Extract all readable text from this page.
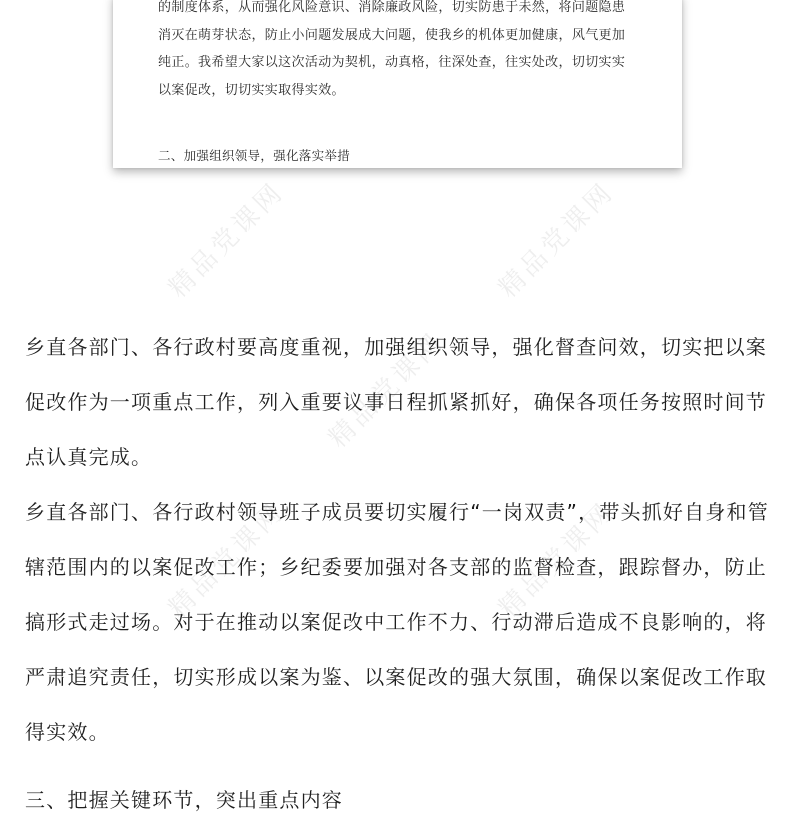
的制度体系，从而强化风险意识、消除廉政风险，切实防患于未然，将问题隐患
消灭在萌芽状态，防止小问题发展成大问题，使我乡的机体更加健康，风气更加
纯正。我希望大家以这次活动为契机，动真格，往深处查，往实处改，切切实实
以案促改，切切实实取得实效。
二、加强组织领导，强化落实举措
精品党课网	精品党课网
精品党课网
精品党课网	精品党课网
乡直各部门、各行政村要高度重视，加强组织领导，强化督查问效，切实把以案
促改作为一项重点工作，列入重要议事日程抓紧抓好，确保各项任务按照时间节
点认真完成。
乡直各部门、各行政村领导班子成员要切实履行“一岗双责”，带头抓好自身和管
辖范围内的以案促改工作；乡纪委要加强对各支部的监督检查，跟踪督办，防止
搞形式走过场。对于在推动以案促改中工作不力、行动滞后造成不良影响的，将
严肃追究责任，切实形成以案为鉴、以案促改的强大氛围，确保以案促改工作取
得实效。
三、把握关键环节，突出重点内容
